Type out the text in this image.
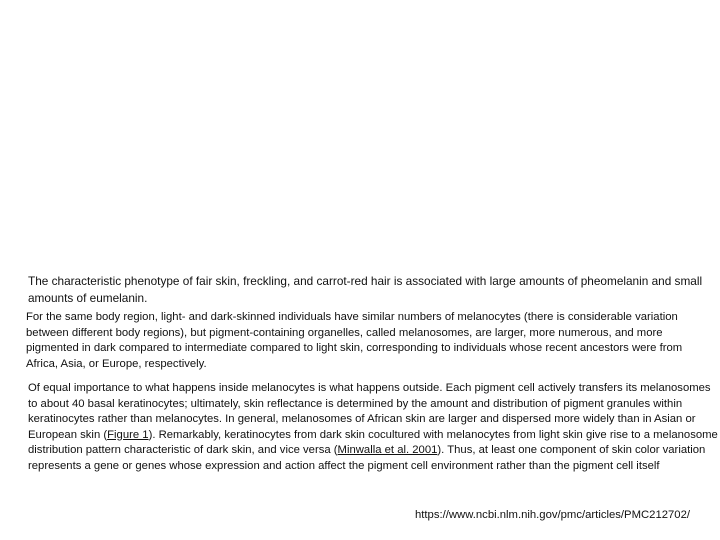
The characteristic phenotype of fair skin, freckling, and carrot-red hair is associated with large amounts of pheomelanin and small amounts of eumelanin.

For the same body region, light- and dark-skinned individuals have similar numbers of melanocytes (there is considerable variation between different body regions), but pigment-containing organelles, called melanosomes, are larger, more numerous, and more pigmented in dark compared to intermediate compared to light skin, corresponding to individuals whose recent ancestors were from Africa, Asia, or Europe, respectively.

Of equal importance to what happens inside melanocytes is what happens outside. Each pigment cell actively transfers its melanosomes to about 40 basal keratinocytes; ultimately, skin reflectance is determined by the amount and distribution of pigment granules within keratinocytes rather than melanocytes. In general, melanosomes of African skin are larger and dispersed more widely than in Asian or European skin (Figure 1). Remarkably, keratinocytes from dark skin cocultured with melanocytes from light skin give rise to a melanosome distribution pattern characteristic of dark skin, and vice versa (Minwalla et al. 2001). Thus, at least one component of skin color variation represents a gene or genes whose expression and action affect the pigment cell environment rather than the pigment cell itself

https://www.ncbi.nlm.nih.gov/pmc/articles/PMC212702/
